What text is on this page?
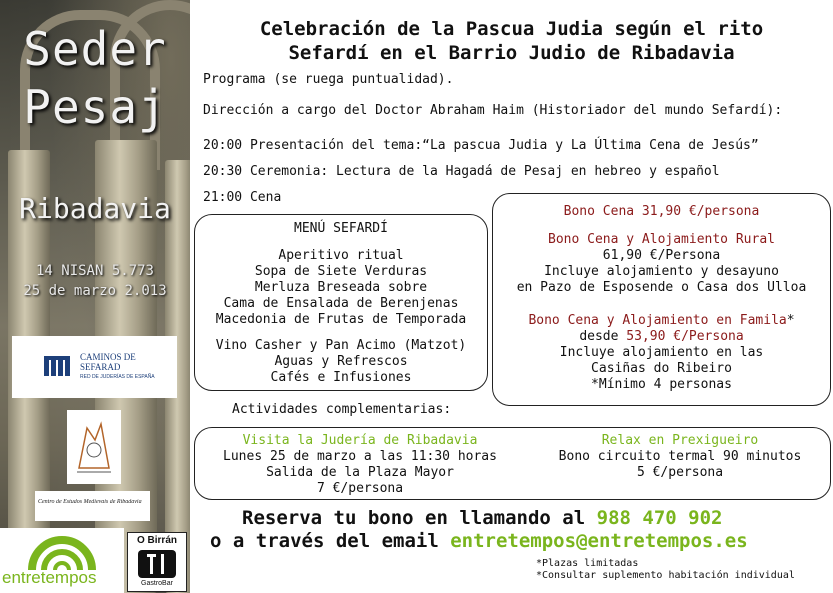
Seder
Pesaj
Ribadavia
14 NISAN 5.773
25 de marzo 2.013
CAMINOS DE
SEFARAD
RED DE JUDERÍAS DE ESPAÑA
Centro de Estudos Medievais de Ribadavia
entretempos
O Birrán
GastroBar
Celebración de la Pascua Judia según el rito
Sefardí en el Barrio Judio de Ribadavia
Programa (se ruega puntualidad).
Dirección a cargo del Doctor Abraham Haim (Historiador del mundo Sefardí):
20:00 Presentación del tema:“La pascua Judia y La Última Cena de Jesús”
20:30 Ceremonia: Lectura de la Hagadá de Pesaj en hebreo y español
21:00 Cena
MENÚ SEFARDÍ
Aperitivo ritual
Sopa de Siete Verduras
Merluza Breseada sobre
Cama de Ensalada de Berenjenas
Macedonia de Frutas de Temporada
Vino Casher y Pan Acimo (Matzot)
Aguas y Refrescos
Cafés e Infusiones
Bono Cena 31,90 €/persona
Bono Cena y Alojamiento Rural
61,90 €/Persona
Incluye alojamiento y desayuno
en Pazo de Esposende o Casa dos Ulloa
Bono Cena y Alojamiento en Famila*
desde 53,90 €/Persona
Incluye alojamiento en las
Casiñas do Ribeiro
*Mínimo 4 personas
Actividades complementarias:
Visita la Judería de Ribadavia
Lunes 25 de marzo a las 11:30 horas
Salida de la Plaza Mayor
7 €/persona
Relax en Prexigueiro
Bono circuito termal 90 minutos
5 €/persona
Reserva tu bono en llamando al 988 470 902
o a través del email entretempos@entretempos.es
*Plazas limitadas
*Consultar suplemento habitación individual
